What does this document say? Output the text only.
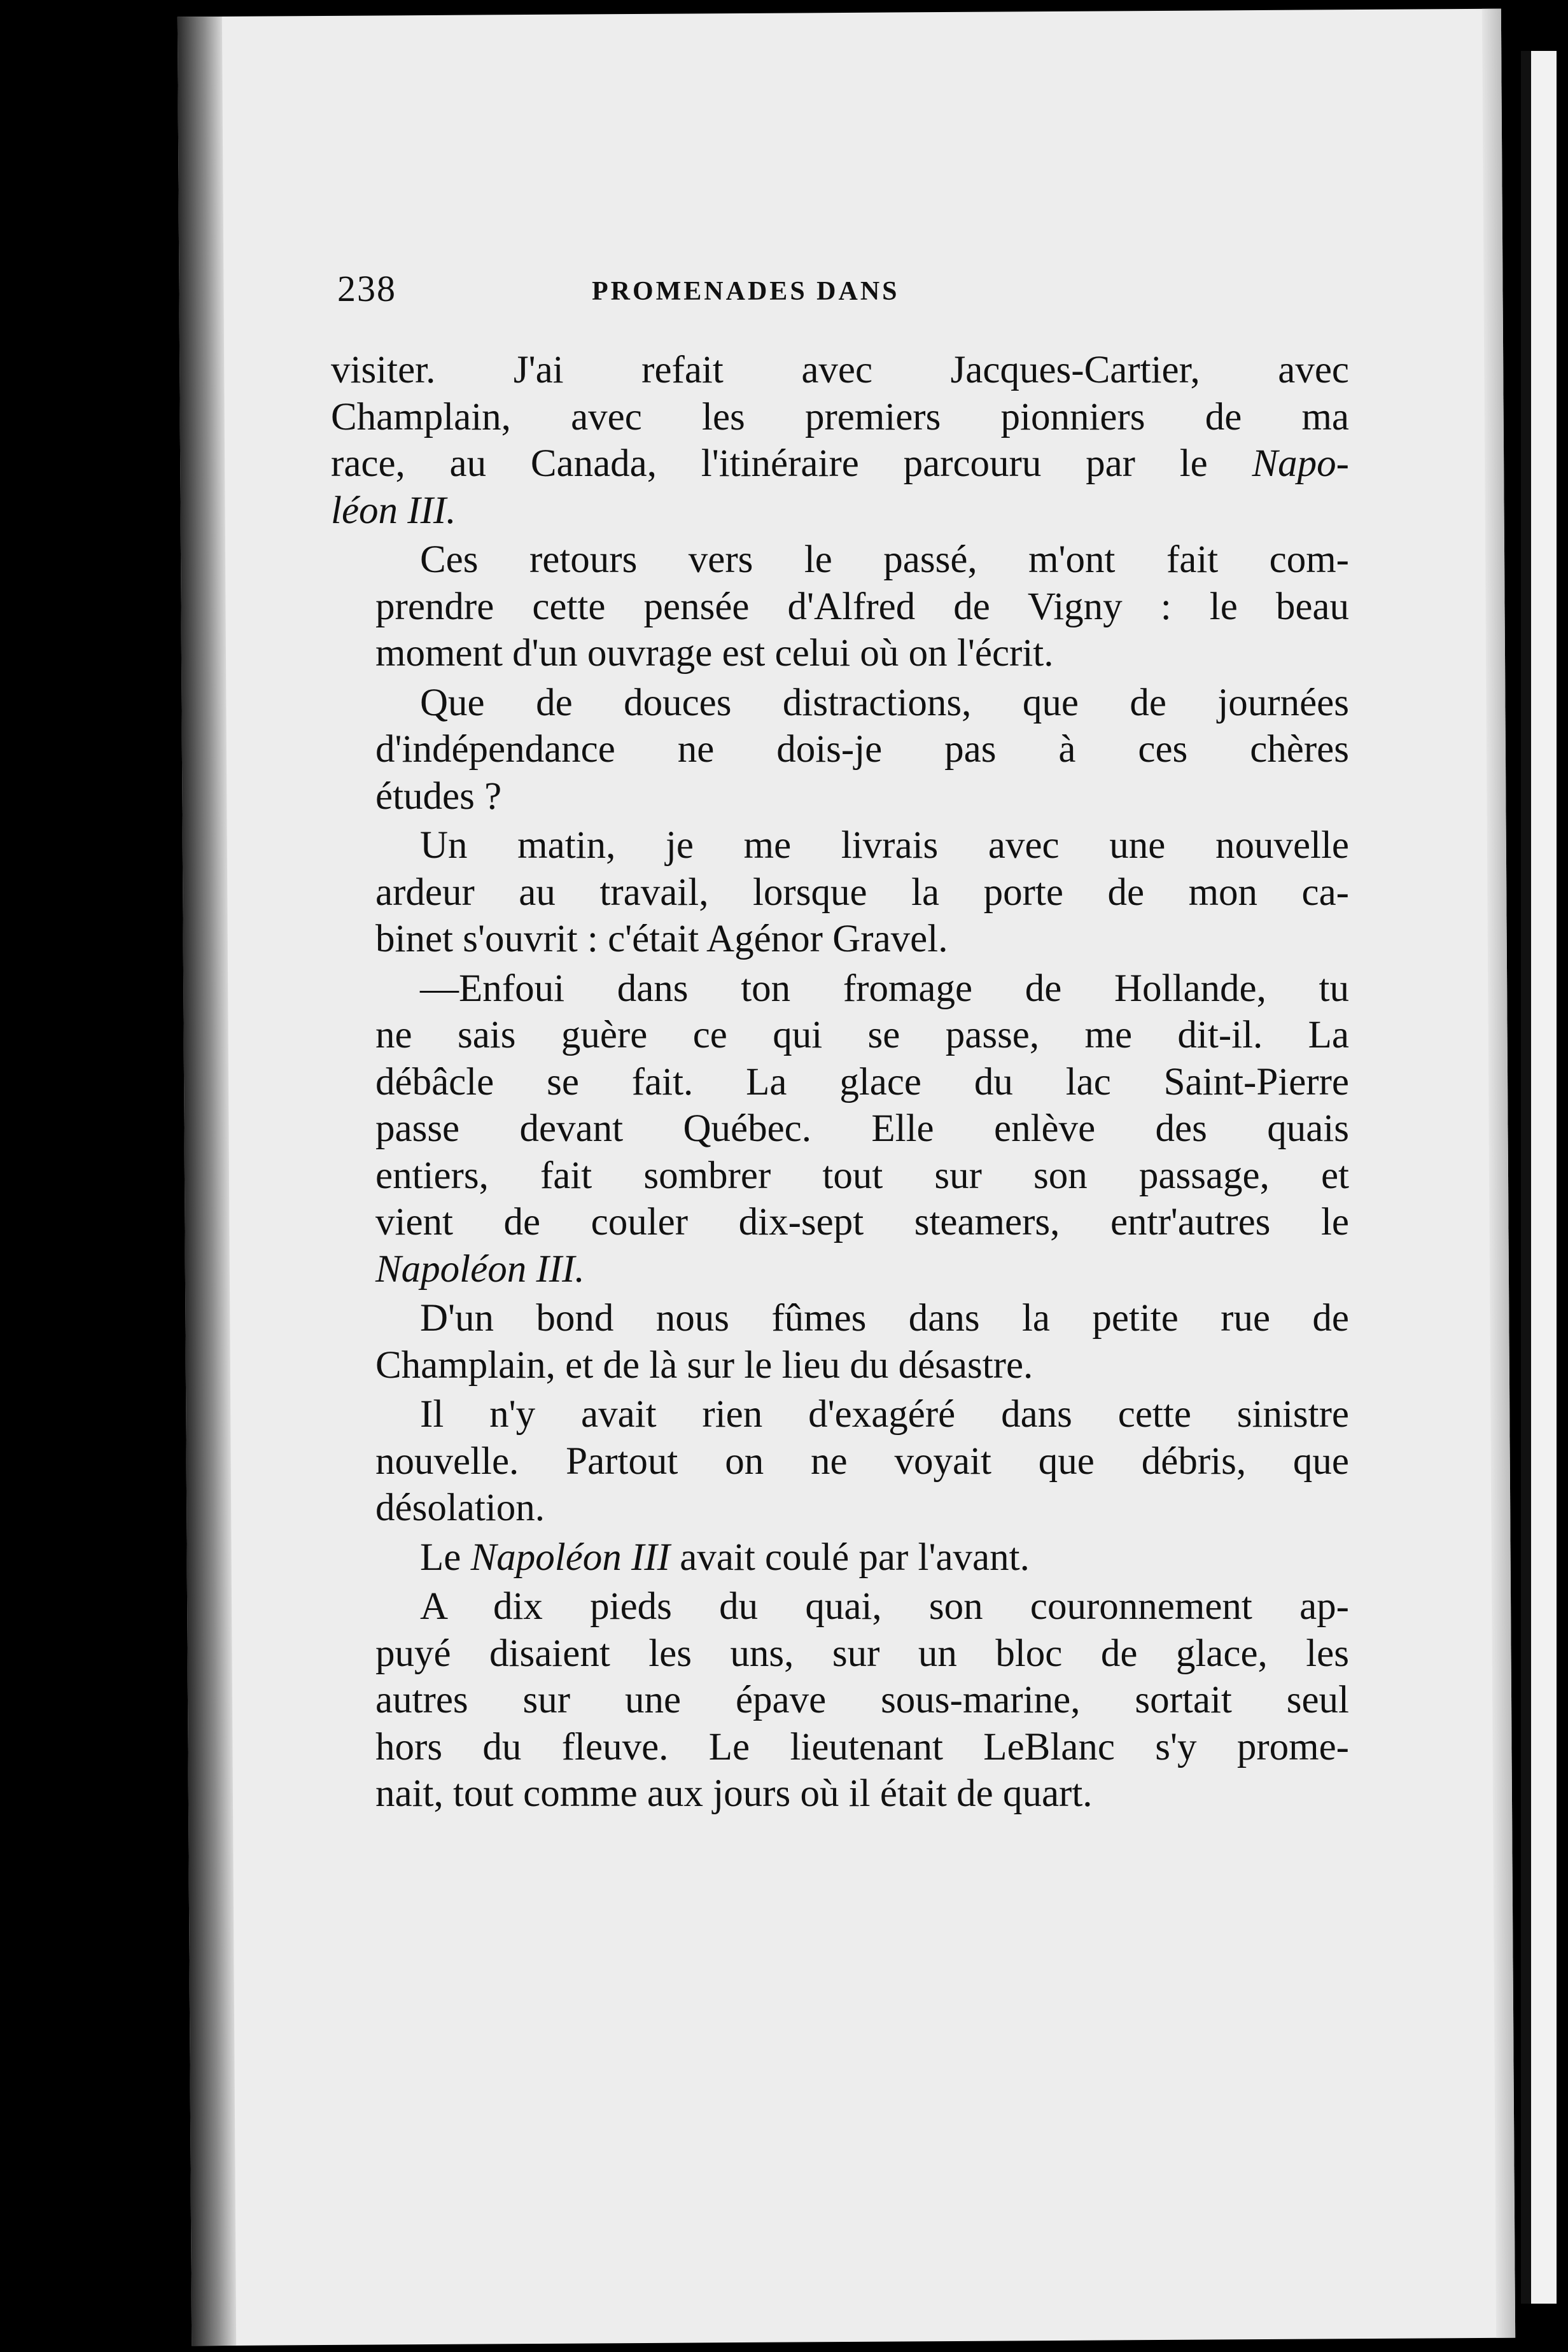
238	PROMENADES DANS
visiter. J'ai refait avec Jacques-Cartier, avec
Champlain, avec les premiers pionniers de ma
race, au Canada, l'itinéraire parcouru par le Napo-
léon III.
Ces retours vers le passé, m'ont fait com-
prendre cette pensée d'Alfred de Vigny : le beau
moment d'un ouvrage est celui où on l'écrit.
Que de douces distractions, que de journées
d'indépendance ne dois-je pas à ces chères
études ?
Un matin, je me livrais avec une nouvelle
ardeur au travail, lorsque la porte de mon ca-
binet s'ouvrit : c'était Agénor Gravel.
—Enfoui dans ton fromage de Hollande, tu
ne sais guère ce qui se passe, me dit-il. La
débâcle se fait. La glace du lac Saint-Pierre
passe devant Québec. Elle enlève des quais
entiers, fait sombrer tout sur son passage, et
vient de couler dix-sept steamers, entr'autres le
Napoléon III.
D'un bond nous fûmes dans la petite rue de
Champlain, et de là sur le lieu du désastre.
Il n'y avait rien d'exagéré dans cette sinistre
nouvelle. Partout on ne voyait que débris, que
désolation.
Le Napoléon III avait coulé par l'avant.
A dix pieds du quai, son couronnement ap-
puyé disaient les uns, sur un bloc de glace, les
autres sur une épave sous-marine, sortait seul
hors du fleuve. Le lieutenant LeBlanc s'y prome-
nait, tout comme aux jours où il était de quart.
